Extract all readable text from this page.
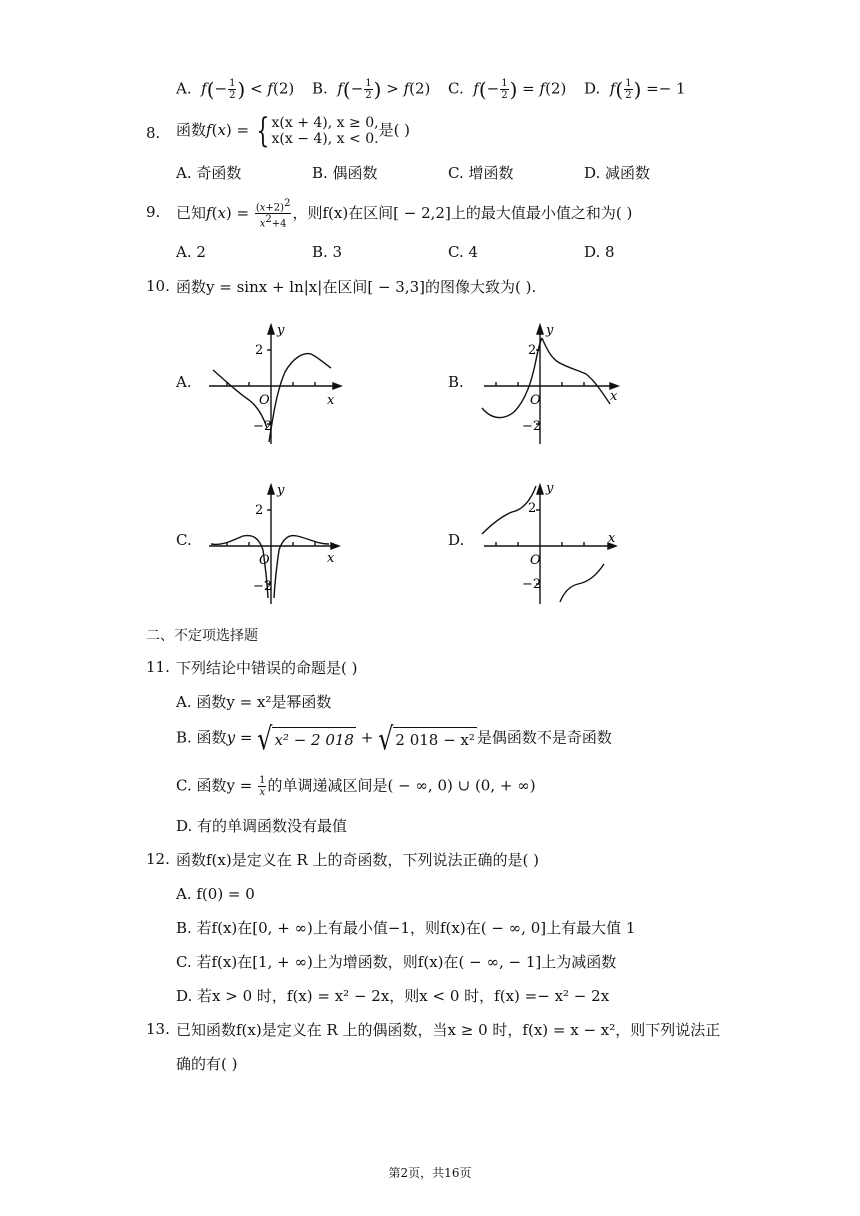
A. $f(- \frac{1}{2}$ ) < f(2) B. $f(- \frac{1}{2}$ ) > f(2) C. $f(- \frac{1}{2}$ ) = f(2) D. $f( \frac{1}{2}$ ) =− 1
8. 函数f(x) = { x(x + 4), x ≥ 0,
x(x − 4), x < 0.是( )
A. 奇函数	B. 偶函数	C. 增函数	D. 减函数
9. 已知$f(x) = \frac{(x+2)^2}{x^2+4}$ ，则f(x)在区间[ − 2,2]上的最大值最小值之和为( )
A. 2	B. 3	C. 4	D. 8
10. 函数y = sinx + ln|x|在区间[ − 3,3]的图像大致为( ).
A.	B.
C.	D.
2
−2
O	x
y
2
−2
O	x
y
2
−2
O	x
y
2
−2
O
x
y
二、不定项选择题
11. 下列结论中错误的命题是( )
A. 函数y = x²是幂函数
B. 函数y = √ x² − 2 018 + √ 2 018 − x² 是偶函数不是奇函数
C. 函数$y = \frac{1}{x}$ 的单调递减区间是( − ∞, 0) ∪ (0, + ∞)
D. 有的单调函数没有最值
12. 函数f(x)是定义在 R 上的奇函数，下列说法正确的是( )
A. f(0) = 0
B. 若f(x)在[0, + ∞)上有最小值−1，则f(x)在( − ∞, 0]上有最大值 1
C. 若f(x)在[1, + ∞)上为增函数，则f(x)在( − ∞, − 1]上为减函数
D. 若x > 0 时，f(x) = x² − 2x，则x < 0 时，f(x) =− x² − 2x
13. 已知函数f(x)是定义在 R 上的偶函数，当x ≥ 0 时，f(x) = x − x²，则下列说法正
确的有( )
第2页，共16页
